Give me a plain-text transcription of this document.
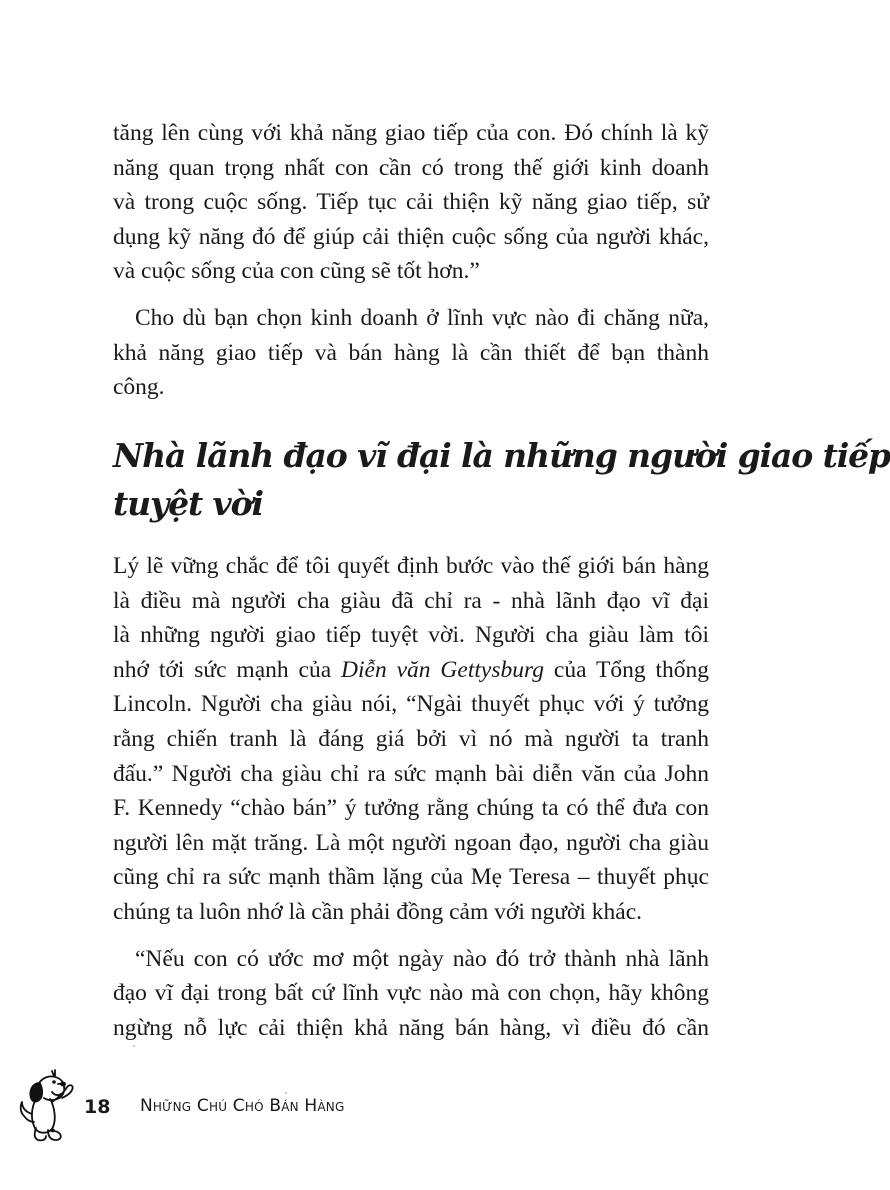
tăng lên cùng với khả năng giao tiếp của con. Đó chính là kỹ
năng quan trọng nhất con cần có trong thế giới kinh doanh
và trong cuộc sống. Tiếp tục cải thiện kỹ năng giao tiếp, sử
dụng kỹ năng đó để giúp cải thiện cuộc sống của người khác,
và cuộc sống của con cũng sẽ tốt hơn.”

Cho dù bạn chọn kinh doanh ở lĩnh vực nào đi chăng nữa,
khả năng giao tiếp và bán hàng là cần thiết để bạn thành
công.

Nhà lãnh đạo vĩ đại là những người giao tiếp
tuyệt vời

Lý lẽ vững chắc để tôi quyết định bước vào thế giới bán hàng
là điều mà người cha giàu đã chỉ ra - nhà lãnh đạo vĩ đại
là những người giao tiếp tuyệt vời. Người cha giàu làm tôi
nhớ tới sức mạnh của Diễn văn Gettysburg của Tổng thống
Lincoln. Người cha giàu nói, “Ngài thuyết phục với ý tưởng
rằng chiến tranh là đáng giá bởi vì nó mà người ta tranh
đấu.” Người cha giàu chỉ ra sức mạnh bài diễn văn của John
F. Kennedy “chào bán” ý tưởng rằng chúng ta có thể đưa con
người lên mặt trăng. Là một người ngoan đạo, người cha giàu
cũng chỉ ra sức mạnh thầm lặng của Mẹ Teresa – thuyết phục
chúng ta luôn nhớ là cần phải đồng cảm với người khác.

“Nếu con có ước mơ một ngày nào đó trở thành nhà lãnh
đạo vĩ đại trong bất cứ lĩnh vực nào mà con chọn, hãy không
ngừng nỗ lực cải thiện khả năng bán hàng, vì điều đó cần

18 Những Chú Chó Bán Hàng
